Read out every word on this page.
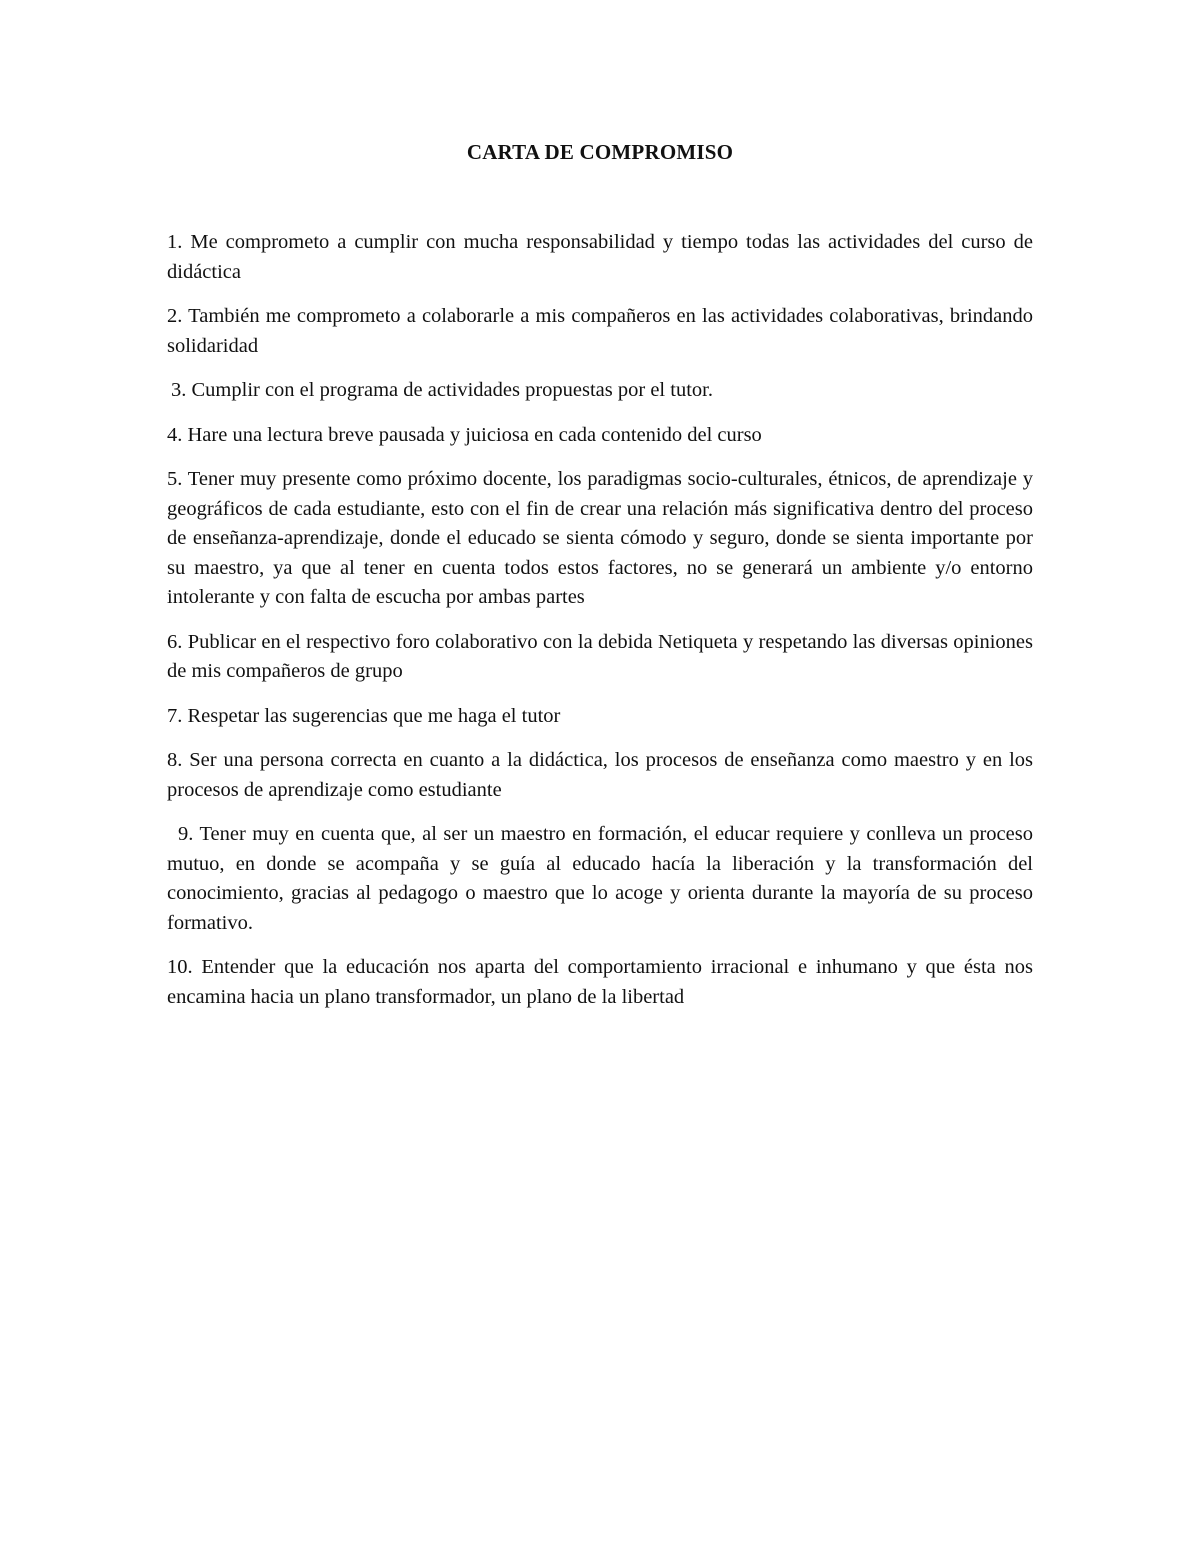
CARTA DE COMPROMISO

1. Me comprometo a cumplir con mucha responsabilidad y tiempo todas las actividades del curso de didáctica

2. También me comprometo a colaborarle a mis compañeros en las actividades colaborativas, brindando solidaridad

3. Cumplir con el programa de actividades propuestas por el tutor.

4. Hare una lectura breve pausada y juiciosa en cada contenido del curso

5. Tener muy presente como próximo docente, los paradigmas socio-culturales, étnicos, de aprendizaje y geográficos de cada estudiante, esto con el fin de crear una relación más significativa dentro del proceso de enseñanza-aprendizaje, donde el educado se sienta cómodo y seguro, donde se sienta importante por su maestro, ya que al tener en cuenta todos estos factores, no se generará un ambiente y/o entorno intolerante y con falta de escucha por ambas partes

6. Publicar en el respectivo foro colaborativo con la debida Netiqueta y respetando las diversas opiniones de mis compañeros de grupo

7. Respetar las sugerencias que me haga el tutor

8. Ser una persona correcta en cuanto a la didáctica, los procesos de enseñanza como maestro y en los procesos de aprendizaje como estudiante

9. Tener muy en cuenta que, al ser un maestro en formación, el educar requiere y conlleva un proceso mutuo, en donde se acompaña y se guía al educado hacía la liberación y la transformación del conocimiento, gracias al pedagogo o maestro que lo acoge y orienta durante la mayoría de su proceso formativo.

10. Entender que la educación nos aparta del comportamiento irracional e inhumano y que ésta nos encamina hacia un plano transformador, un plano de la libertad
